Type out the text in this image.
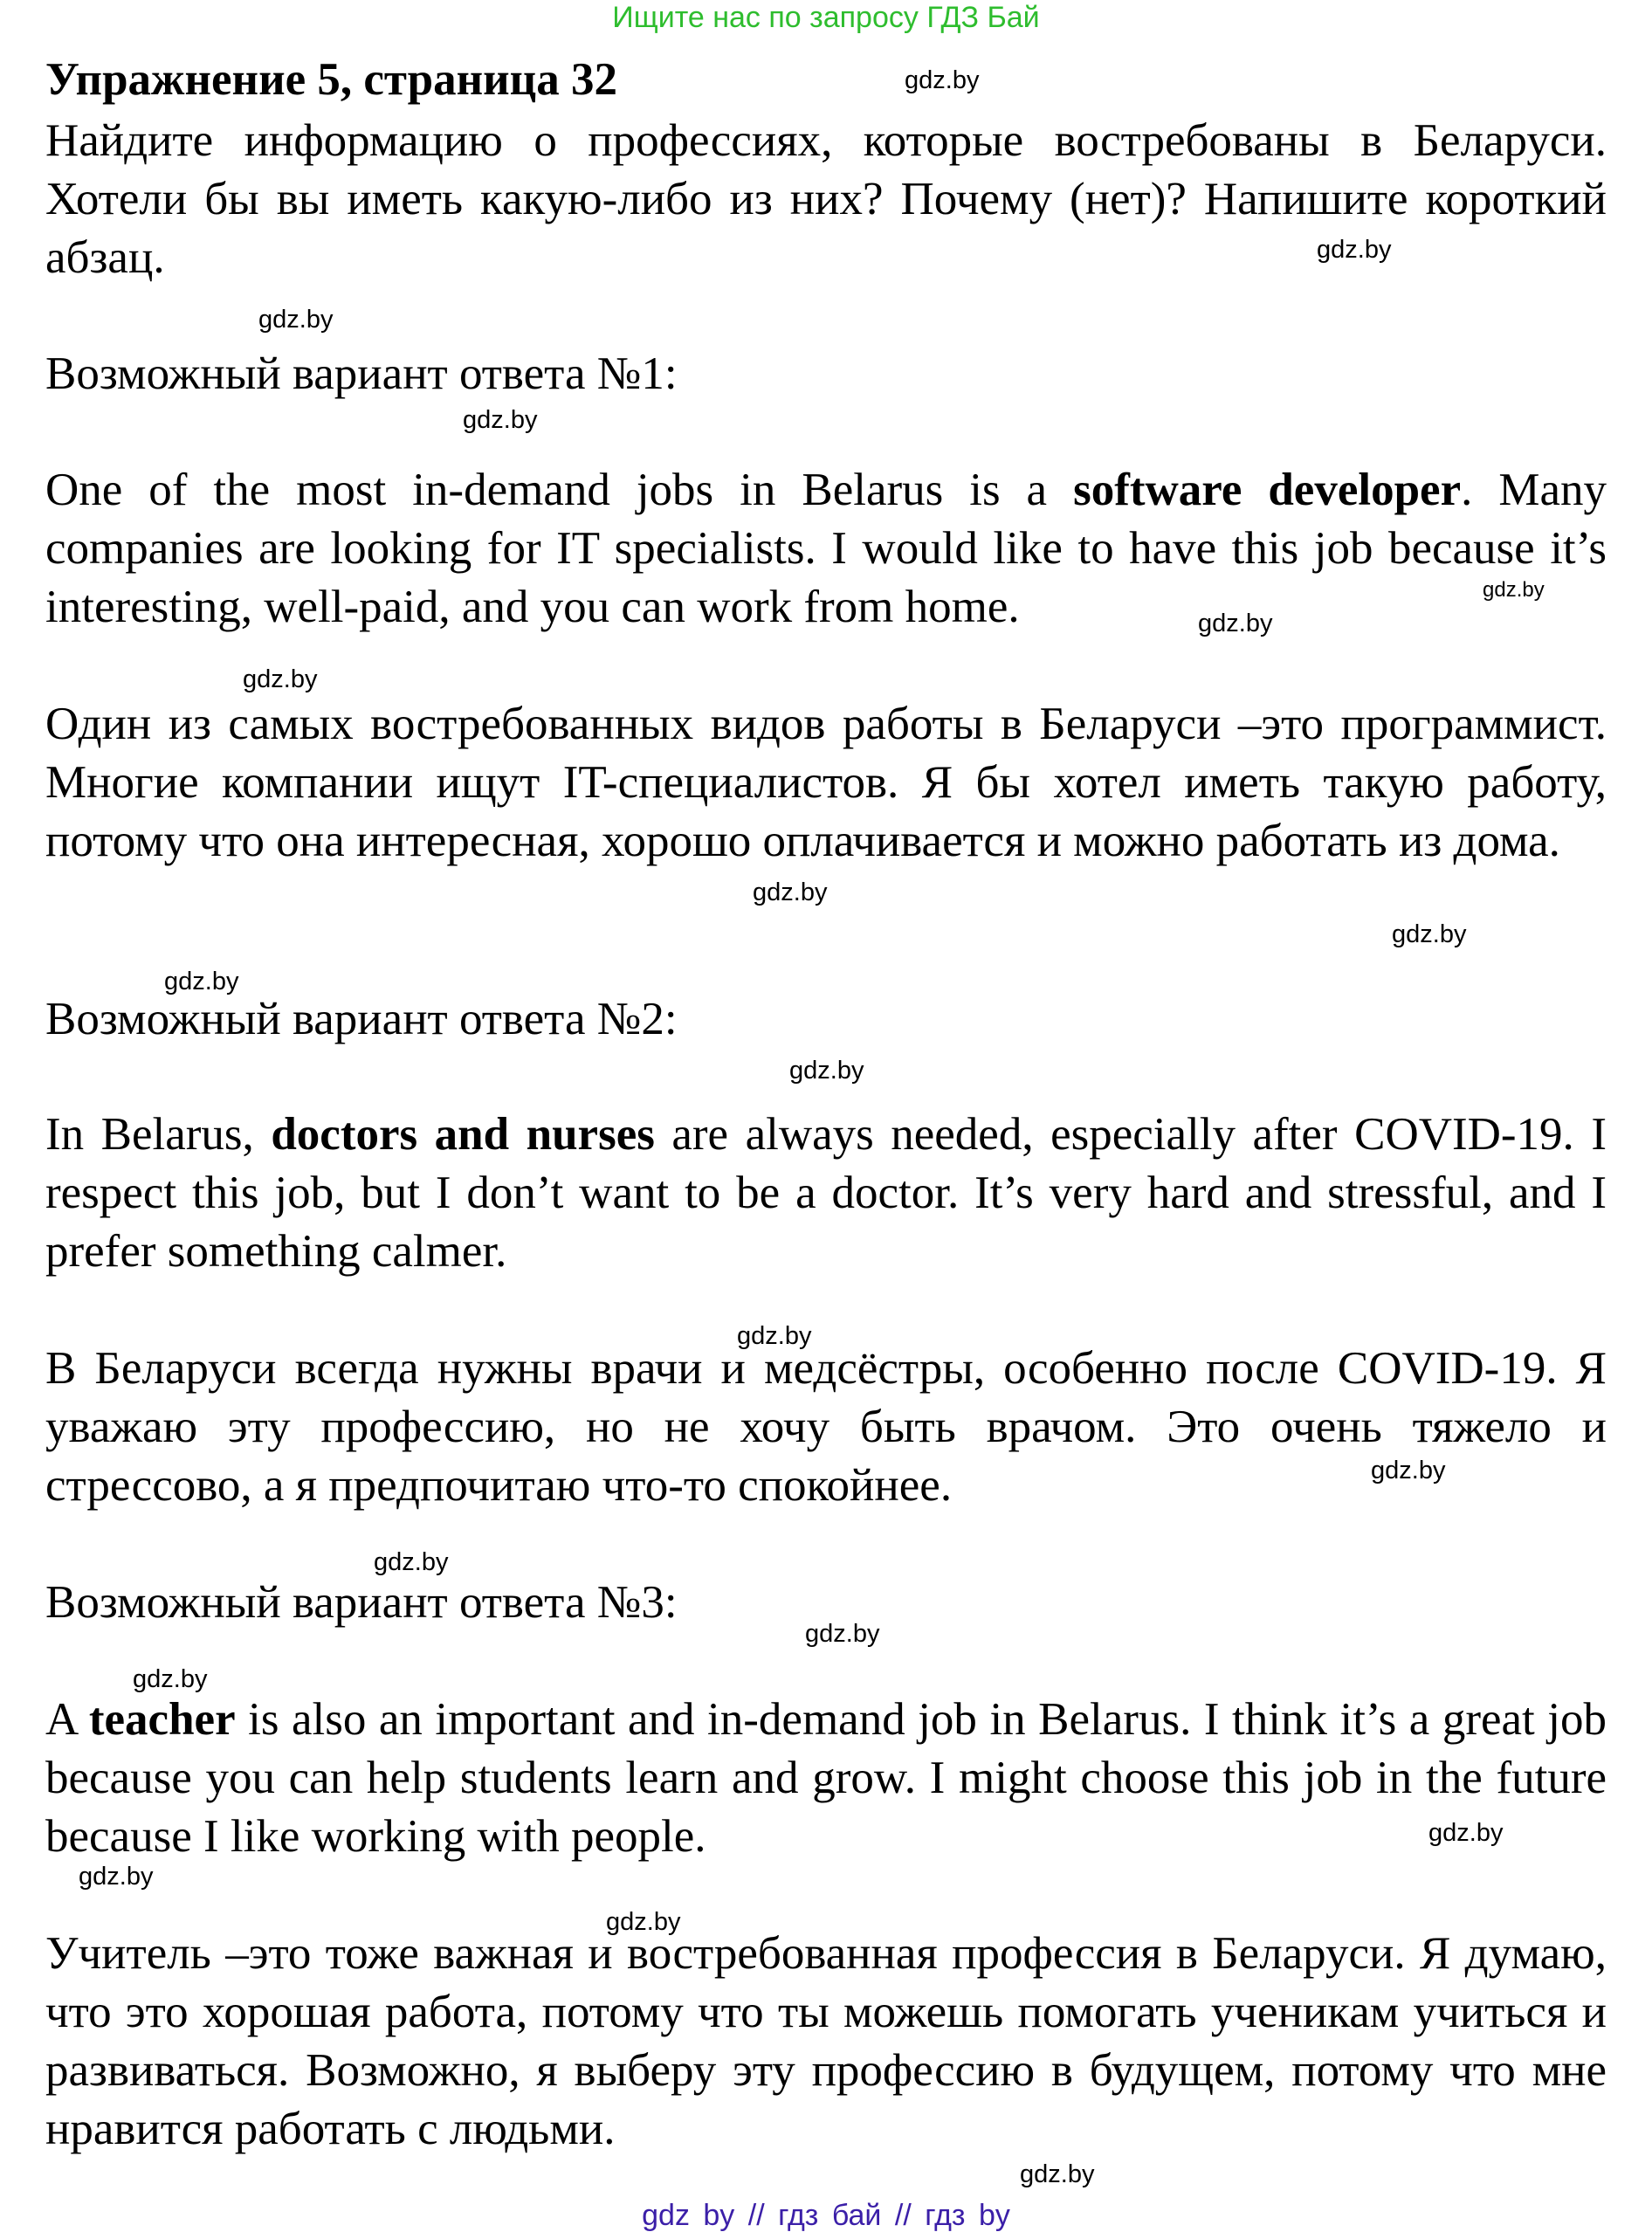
Ищите нас по запросу ГДЗ Бай
Упражнение 5, страница 32

Найдите информацию о профессиях, которые востребованы в Беларуси. Хотели бы вы иметь какую-либо из них? Почему (нет)? Напишите короткий абзац.

Возможный вариант ответа №1:

One of the most in-demand jobs in Belarus is a software developer. Many companies are looking for IT specialists. I would like to have this job because it’s interesting, well-paid, and you can work from home.

Один из самых востребованных видов работы в Беларуси –это программист. Многие компании ищут IT-специалистов. Я бы хотел иметь такую работу, потому что она интересная, хорошо оплачивается и можно работать из дома.

Возможный вариант ответа №2:

In Belarus, doctors and nurses are always needed, especially after COVID-19. I respect this job, but I don’t want to be a doctor. It’s very hard and stressful, and I prefer something calmer.

В Беларуси всегда нужны врачи и медсёстры, особенно после COVID-19. Я уважаю эту профессию, но не хочу быть врачом. Это очень тяжело и стрессово, а я предпочитаю что-то спокойнее.

Возможный вариант ответа №3:

A teacher is also an important and in-demand job in Belarus. I think it’s a great job because you can help students learn and grow. I might choose this job in the future because I like working with people.

Учитель –это тоже важная и востребованная профессия в Беларуси. Я думаю, что это хорошая работа, потому что ты можешь помогать ученикам учиться и развиваться. Возможно, я выберу эту профессию в будущем, потому что мне нравится работать с людьми.

gdz.by
gdz.by
gdz.by
gdz.by
gdz.by
gdz.by
gdz.by
gdz.by
gdz.by
gdz.by
gdz.by
gdz.by
gdz.by
gdz.by
gdz.by
gdz.by
gdz.by
gdz.by
gdz.by
gdz.by
gdz by // гдз бай // гдз by
